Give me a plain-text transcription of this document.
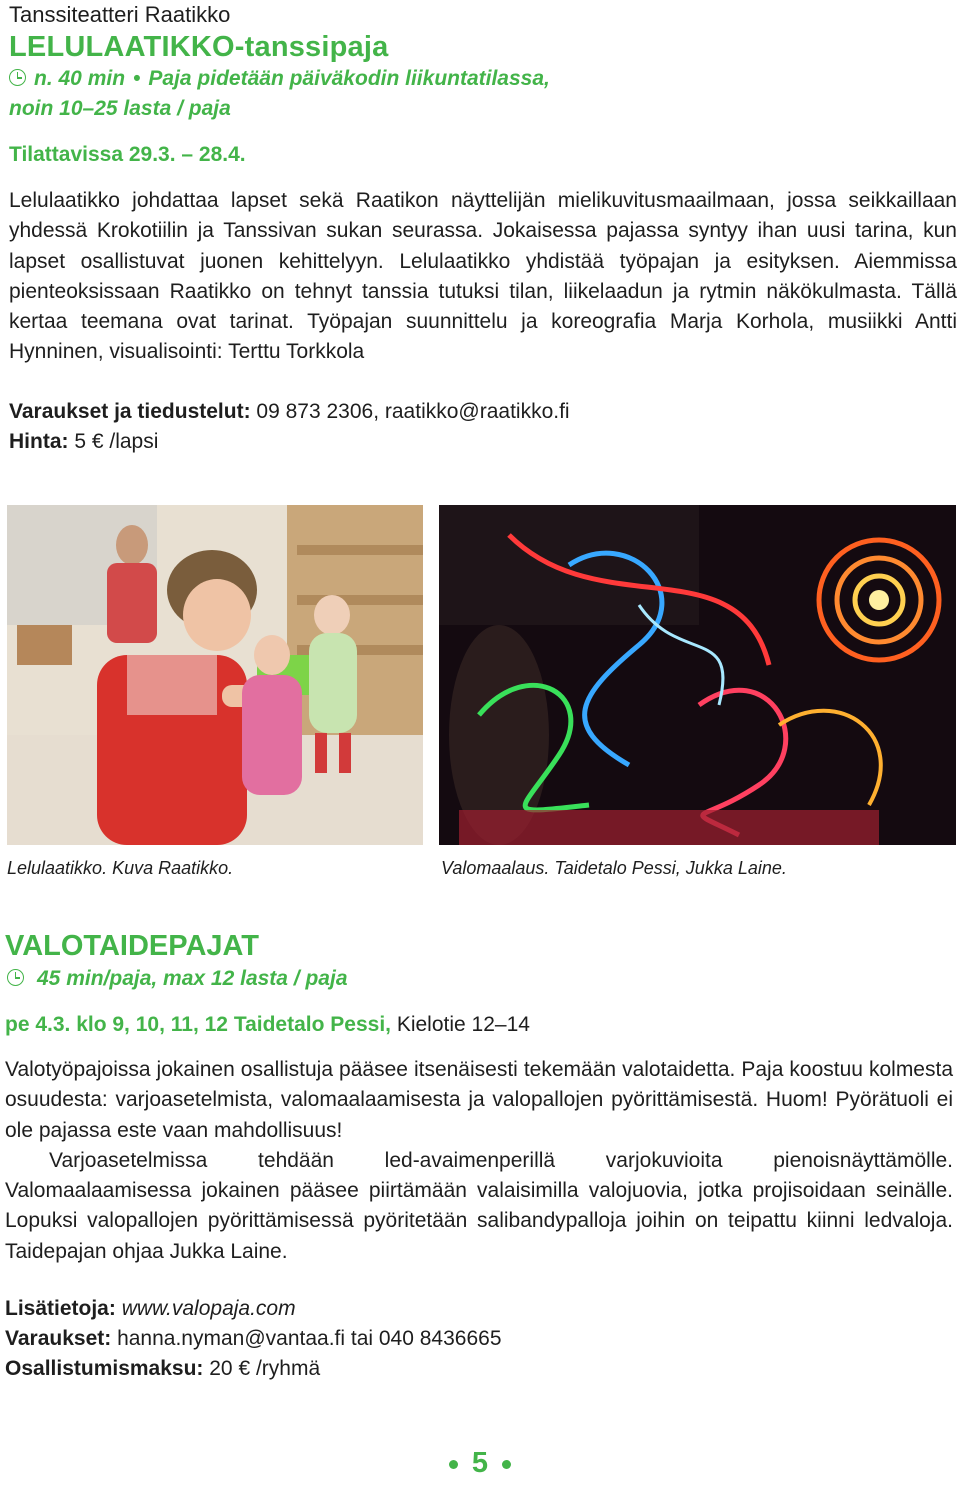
Tanssiteatteri Raatikko
LELULAATIKKO-tanssipaja
n. 40 min • Paja pidetään päiväkodin liikuntatilassa,
noin 10–25 lasta / paja
Tilattavissa 29.3. – 28.4.

Lelulaatikko johdattaa lapset sekä Raatikon näyttelijän mielikuvitusmaailmaan, jossa seikkaillaan yhdessä Krokotiilin ja Tanssivan sukan seurassa. Jokaisessa pajassa syntyy ihan uusi tarina, kun lapset osallistuvat juonen kehittelyyn. Lelulaatikko yhdistää työpajan ja esityksen. Aiemmissa pienteoksissaan Raatikko on tehnyt tanssia tutuksi tilan, liikelaadun ja rytmin näkökulmasta. Tällä kertaa teemana ovat tarinat. Työpajan suunnittelu ja koreografia Marja Korhola, musiikki Antti Hynninen, visualisointi: Terttu Torkkola

Varaukset ja tiedustelut: 09 873 2306, raatikko@raatikko.fi
Hinta: 5 € /lapsi
Lelulaatikko. Kuva Raatikko.	Valomaalaus. Taidetalo Pessi, Jukka Laine.
VALOTAIDEPAJAT
45 min/paja, max 12 lasta / paja
pe 4.3. klo 9, 10, 11, 12 Taidetalo Pessi, Kielotie 12–14

Valotyöpajoissa jokainen osallistuja pääsee itsenäisesti tekemään valotaidetta. Paja koostuu kolmesta osuudesta: varjoasetelmista, valomaalaamisesta ja valopallojen pyörittämisestä. Huom! Pyörätuoli ei ole pajassa este vaan mahdollisuus!

Varjoasetelmissa tehdään led-avaimenperillä varjokuvioita pienoisnäyttämölle. Valomaalaamisessa jokainen pääsee piirtämään valaisimilla valojuovia, jotka projisoidaan seinälle. Lopuksi valopallojen pyörittämisessä pyöritetään salibandypalloja joihin on teipattu kiinni ledvaloja. Taidepajan ohjaa Jukka Laine.

Lisätietoja: www.valopaja.com
Varaukset: hanna.nyman@vantaa.fi tai 040 8436665
Osallistumismaksu: 20 € /ryhmä
5
